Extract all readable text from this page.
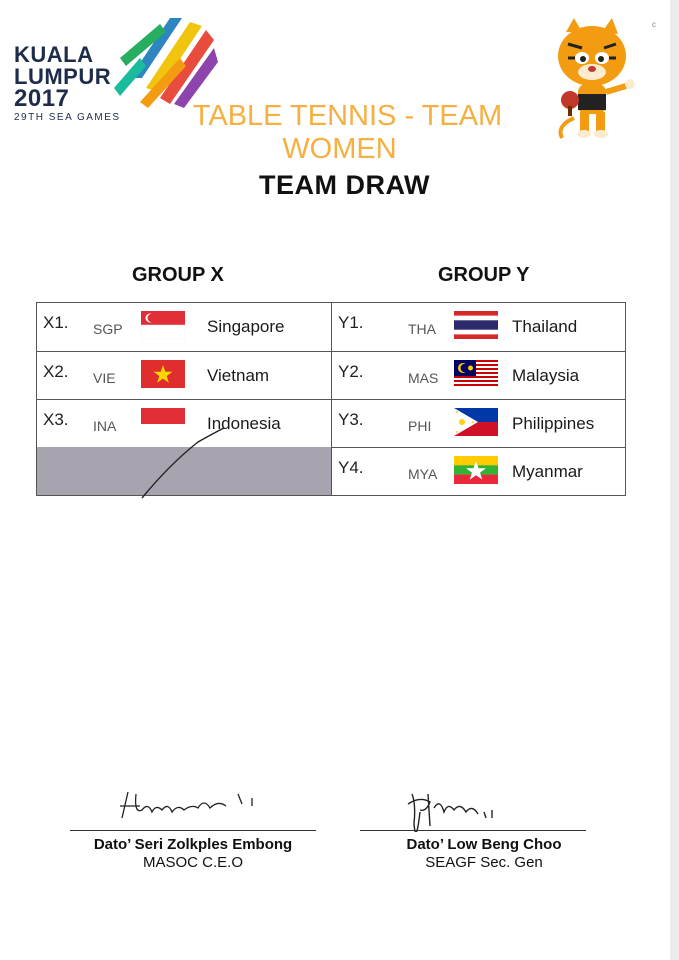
KUALA
LUMPUR
2017
29TH SEA GAMES
c
TABLE TENNIS - TEAM
WOMEN
TEAM DRAW
GROUP X	GROUP Y
X1. SGP	Singapore
X2. VIE	Vietnam
X3. INA	Indonesia
Y1.	THA	Thailand
Y2.	MAS	Malaysia
Y3.	PHI	Philippines
Y4.	MYA	Myanmar
Dato’ Seri Zolkples Embong
MASOC C.E.O
Dato’ Low Beng Choo
SEAGF Sec. Gen
